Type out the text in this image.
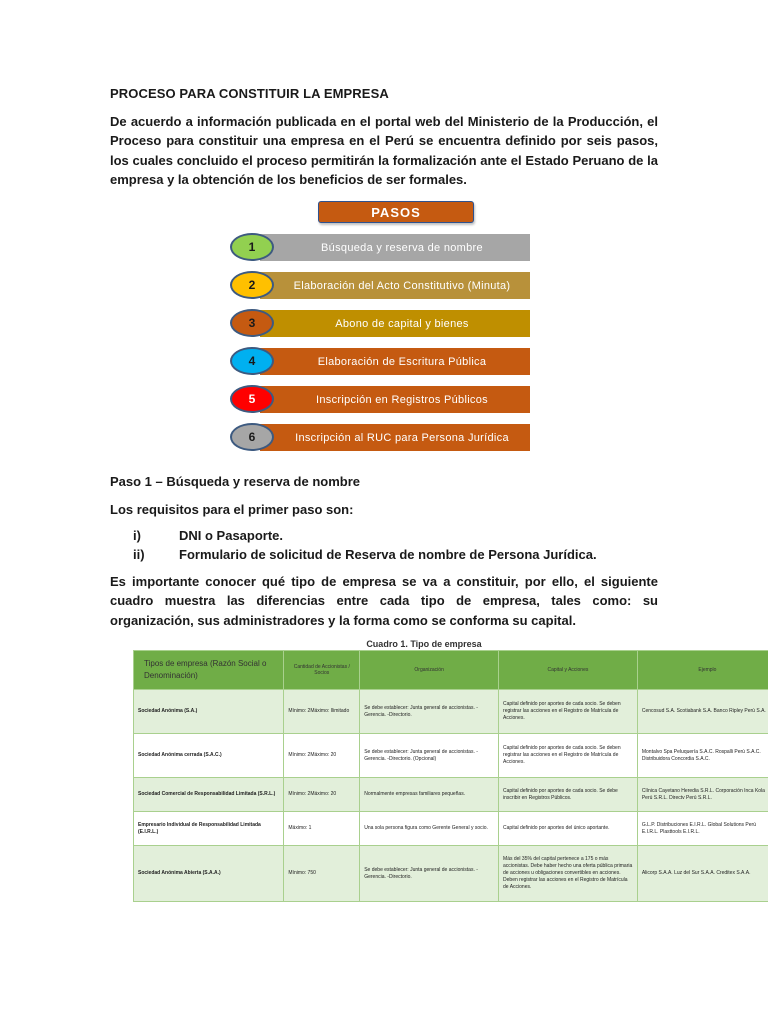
PROCESO PARA CONSTITUIR LA EMPRESA
De acuerdo a información publicada en el portal web del Ministerio de la Producción, el Proceso para constituir una empresa en el Perú se encuentra definido por seis pasos, los cuales concluido el proceso permitirán la formalización ante el Estado Peruano de la empresa y la obtención de los beneficios de ser formales.
PASOS
Búsqueda y reserva de nombre
1
Elaboración del Acto Constitutivo (Minuta)
2
Abono de capital y bienes
3
Elaboración de Escritura Pública
4
Inscripción en Registros Públicos
5
Inscripción al RUC para Persona Jurídica
6
Paso 1 – Búsqueda y reserva de nombre
Los requisitos para el primer paso son:
i)	DNI o Pasaporte.
ii)	Formulario de solicitud de Reserva de nombre de Persona Jurídica.
Es importante conocer qué tipo de empresa se va a constituir, por ello, el siguiente cuadro muestra las diferencias entre cada tipo de empresa, tales como: su organización, sus administradores y la forma como se conforma su capital.
Cuadro 1. Tipo de empresa
Tipos de empresa (Razón Social o Denominación)	Cantidad de Accionistas / Socios	Organización	Capital y Acciones	Ejemplo
Sociedad Anónima (S.A.)	Mínimo: 2Máximo: Ilimitado	Se debe establecer: Junta general de accionistas. -Gerencia. -Directorio.	Capital definido por aportes de cada socio. Se deben registrar las acciones en el Registro de Matrícula de Acciones.	Cencosud S.A. Scotiabank S.A. Banco Ripley Perú S.A.
Sociedad Anónima cerrada (S.A.C.)	Mínimo: 2Máximo: 20	Se debe establecer: Junta general de accionistas. -Gerencia. -Directorio. (Opcional)	Capital definido por aportes de cada socio. Se deben registrar las acciones en el Registro de Matrícula de Acciones.	Montalvo Spa Peluquería S.A.C. Rospalli Perú S.A.C. Distribuidora Concordia S.A.C.
Sociedad Comercial de Responsabilidad Limitada (S.R.L.)	Mínimo: 2Máximo: 20	Normalmente empresas familiares pequeñas.	Capital definido por aportes de cada socio. Se debe inscribir en Registros Públicos.	Clínica Cayetano Heredia S.R.L. Corporación Inca Kola Perú S.R.L. Directv Perú S.R.L.
Empresario Individual de Responsabilidad Limitada (E.I.R.L.)	Máximo: 1	Una sola persona figura como Gerente General y socio.	Capital definido por aportes del único aportante.	G.L.P. Distribuciones E.I.R.L. Global Solutions Perú E.I.R.L. Plasttools E.I.R.L.
Sociedad Anónima Abierta (S.A.A.)	Mínimo: 750	Se debe establecer: Junta general de accionistas. -Gerencia. -Directorio.	Más del 35% del capital pertenece a 175 o más accionistas. Debe haber hecho una oferta pública primaria de acciones u obligaciones convertibles en acciones. Deben registrar las acciones en el Registro de Matrícula de Acciones.	Alicorp S.A.A. Luz del Sur S.A.A. Creditex S.A.A.
